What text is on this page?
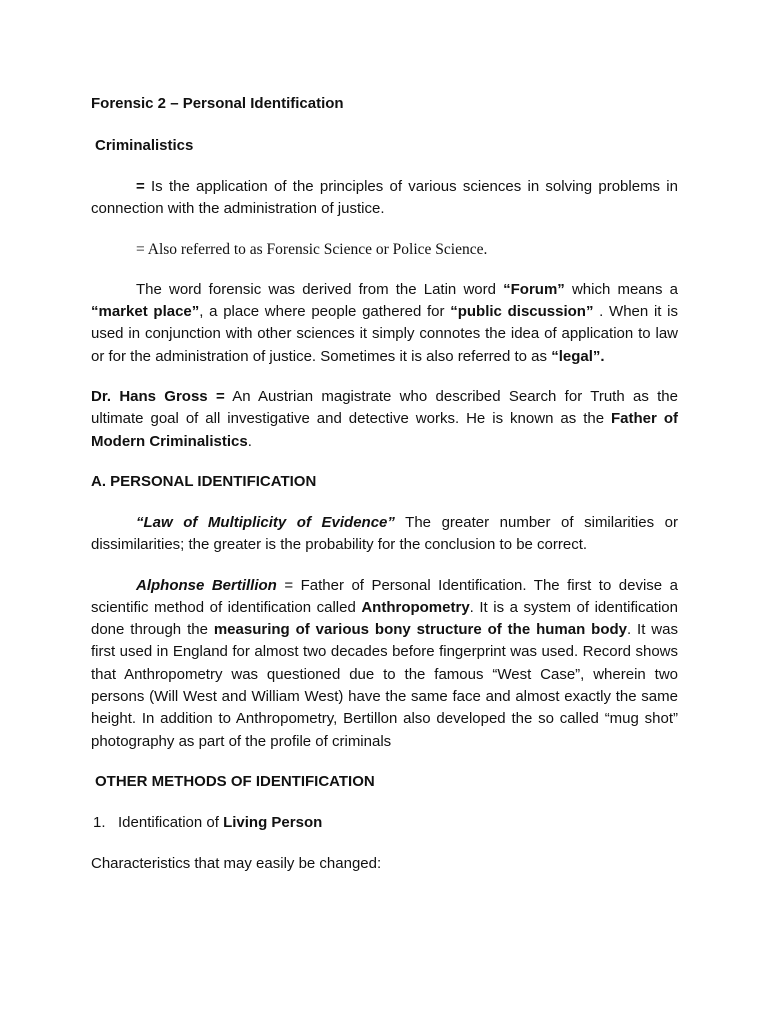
Forensic 2 – Personal Identification

Criminalistics

= Is the application of the principles of various sciences in solving problems in connection with the administration of justice.

= Also referred to as Forensic Science or Police Science.

The word forensic was derived from the Latin word “Forum” which means a “market place”, a place where people gathered for “public discussion” . When it is used in conjunction with other sciences it simply connotes the idea of application to law or for the administration of justice. Sometimes it is also referred to as “legal”.

Dr. Hans Gross = An Austrian magistrate who described Search for Truth as the ultimate goal of all investigative and detective works. He is known as the Father of Modern Criminalistics.

A. PERSONAL IDENTIFICATION

“Law of Multiplicity of Evidence” The greater number of similarities or dissimilarities; the greater is the probability for the conclusion to be correct.

Alphonse Bertillion = Father of Personal Identification. The first to devise a scientific method of identification called Anthropometry. It is a system of identification done through the measuring of various bony structure of the human body. It was first used in England for almost two decades before fingerprint was used. Record shows that Anthropometry was questioned due to the famous “West Case”, wherein two persons (Will West and William West) have the same face and almost exactly the same height. In addition to Anthropometry, Bertillon also developed the so called “mug shot” photography as part of the profile of criminals

OTHER METHODS OF IDENTIFICATION

1. Identification of Living Person

Characteristics that may easily be changed:
